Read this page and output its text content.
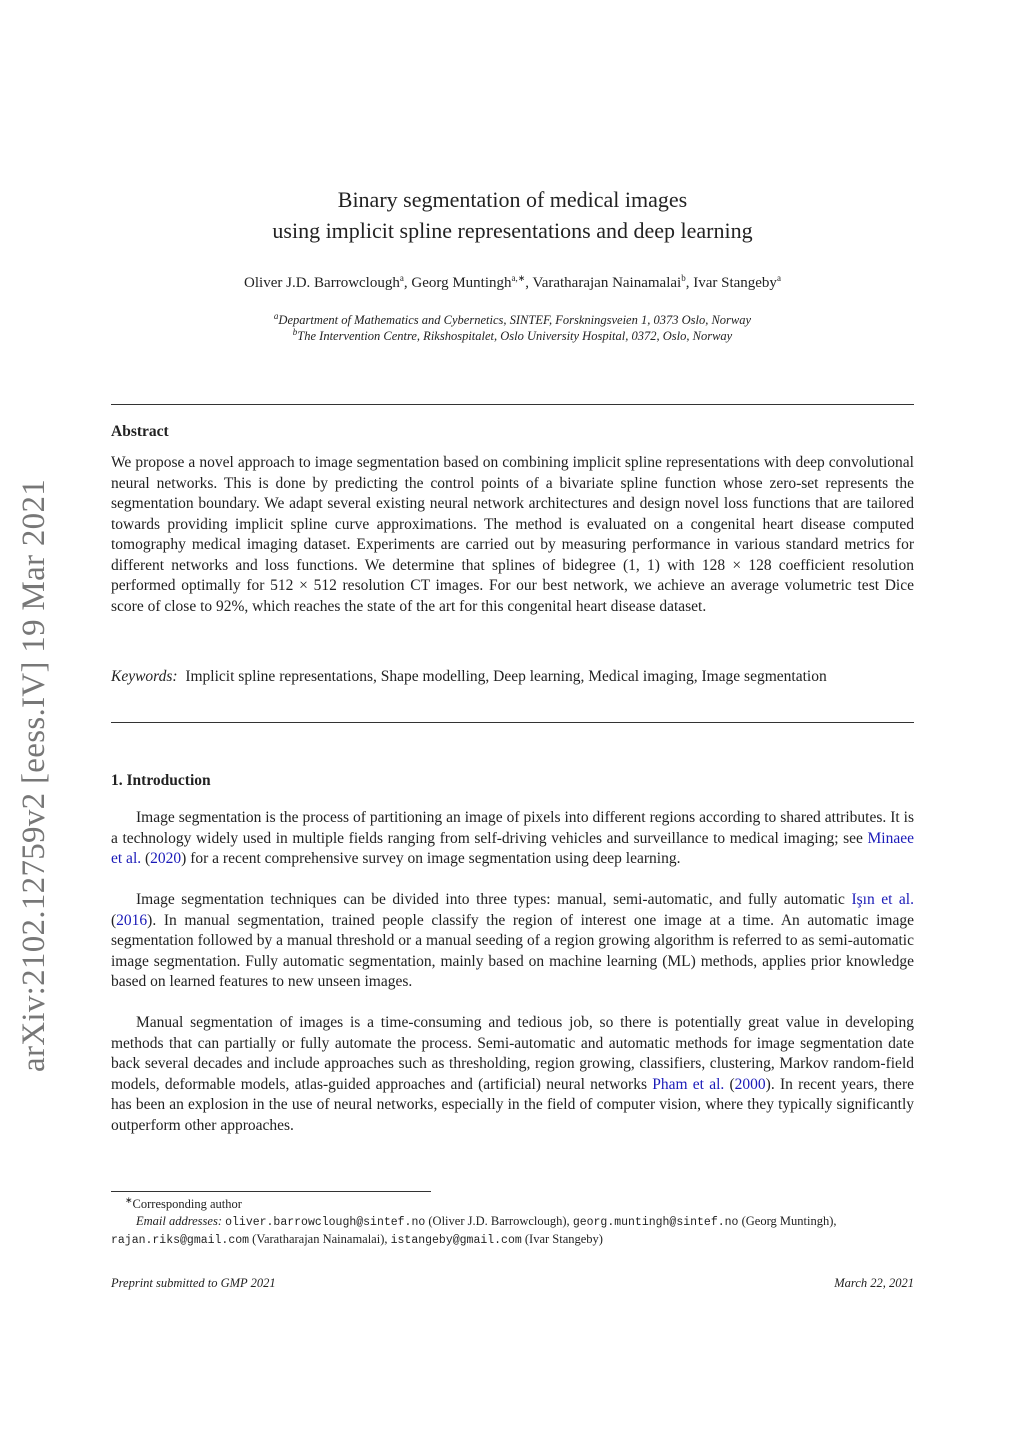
arXiv:2102.12759v2 [eess.IV] 19 Mar 2021
Binary segmentation of medical images
using implicit spline representations and deep learning
Oliver J.D. Barrowclough$^a$, Georg Muntingh$^{a,∗}$, Varatharajan Nainamalai$^b$, Ivar Stangeby$^a$
$^a$Department of Mathematics and Cybernetics, SINTEF, Forskningsveien 1, 0373 Oslo, Norway
$^b$The Intervention Centre, Rikshospitalet, Oslo University Hospital, 0372, Oslo, Norway
Abstract
We propose a novel approach to image segmentation based on combining implicit spline representations with deep convolutional neural networks. This is done by predicting the control points of a bivariate spline function whose zero-set represents the segmentation boundary. We adapt several existing neural network architectures and design novel loss functions that are tailored towards providing implicit spline curve approximations. The method is evaluated on a congenital heart disease computed tomography medical imaging dataset. Experiments are carried out by measuring performance in various standard metrics for different networks and loss functions. We determine that splines of bidegree (1, 1) with 128 × 128 coefficient resolution performed optimally for 512 × 512 resolution CT images. For our best network, we achieve an average volumetric test Dice score of close to 92%, which reaches the state of the art for this congenital heart disease dataset.
Keywords: Implicit spline representations, Shape modelling, Deep learning, Medical imaging, Image segmentation
1. Introduction
Image segmentation is the process of partitioning an image of pixels into different regions according to shared attributes. It is a technology widely used in multiple fields ranging from self-driving vehicles and surveillance to medical imaging; see Minaee et al. (2020) for a recent comprehensive survey on image segmentation using deep learning.
Image segmentation techniques can be divided into three types: manual, semi-automatic, and fully automatic Işın et al. (2016). In manual segmentation, trained people classify the region of interest one image at a time. An automatic image segmentation followed by a manual threshold or a manual seeding of a region growing algorithm is referred to as semi-automatic image segmentation. Fully automatic segmentation, mainly based on machine learning (ML) methods, applies prior knowledge based on learned features to new unseen images.
Manual segmentation of images is a time-consuming and tedious job, so there is potentially great value in developing methods that can partially or fully automate the process. Semi-automatic and automatic methods for image segmentation date back several decades and include approaches such as thresholding, region growing, classifiers, clustering, Markov random-field models, deformable models, atlas-guided approaches and (artificial) neural networks Pham et al. (2000). In recent years, there has been an explosion in the use of neural networks, especially in the field of computer vision, where they typically significantly outperform other approaches.
∗Corresponding author
Email addresses: oliver.barrowclough@sintef.no (Oliver J.D. Barrowclough), georg.muntingh@sintef.no (Georg Muntingh), rajan.riks@gmail.com (Varatharajan Nainamalai), istangeby@gmail.com (Ivar Stangeby)
Preprint submitted to GMP 2021	March 22, 2021
